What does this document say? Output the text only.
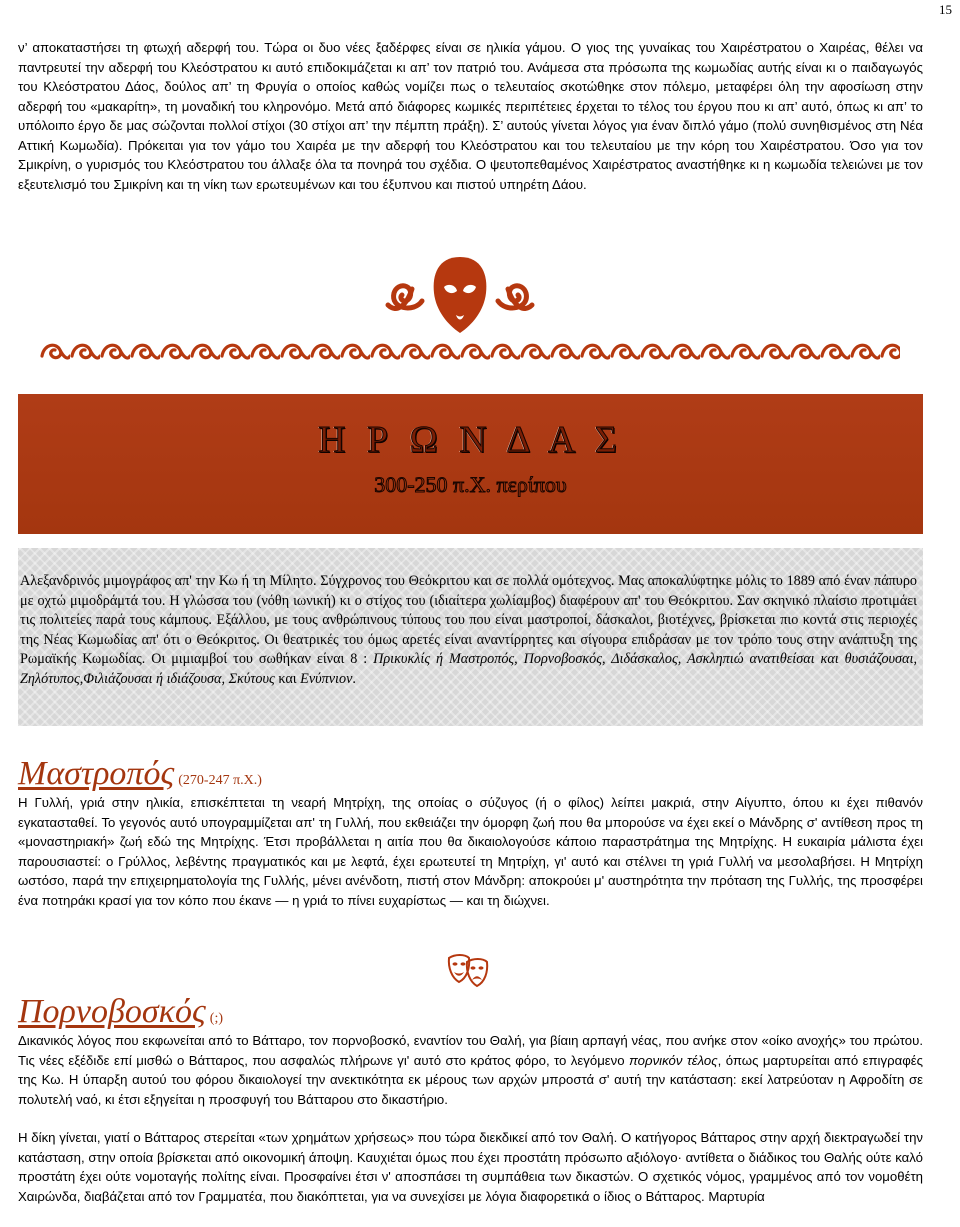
15

ν’ αποκαταστήσει τη φτωχή αδερφή του. Τώρα οι δυο νέες ξαδέρφες είναι σε ηλικία γάμου. Ο γιος της γυναίκας του Χαιρέστρατου ο Χαιρέας, θέλει να παντρευτεί την αδερφή του Κλεόστρατου κι αυτό επιδοκιμάζεται κι απ’ τον πατριό του. Ανάμεσα στα πρόσωπα της κωμωδίας αυτής είναι κι ο παιδαγωγός του Κλεόστρατου Δάος, δούλος απ’ τη Φρυγία ο οποίος καθώς νομίζει πως ο τελευταίος σκοτώθηκε στον πόλεμο, μεταφέρει όλη την αφοσίωση στην αδερφή του «μακαρίτη», τη μοναδική του κληρονόμο. Μετά από διάφορες κωμικές περιπέτειες έρχεται το τέλος του έργου που κι απ’ αυτό, όπως κι απ’ το υπόλοιπο έργο δε μας σώζονται πολλοί στίχοι (30 στίχοι απ’ την πέμπτη πράξη). Σ’ αυτούς γίνεται λόγος για έναν διπλό γάμο (πολύ συνηθισμένος στη Νέα Αττική Κωμωδία). Πρόκειται για τον γάμο του Χαιρέα με την αδερφή του Κλεόστρατου και του τελευταίου με την κόρη του Χαιρέστρατου. Όσο για τον Σμικρίνη, ο γυρισμός του Κλεόστρατου του άλλαξε όλα τα πονηρά του σχέδια. Ο ψευτοπεθαμένος Χαιρέστρατος αναστήθηκε κι η κωμωδία τελειώνει με τον εξευτελισμό του Σμικρίνη και τη νίκη των ερωτευμένων και του έξυπνου και πιστού υπηρέτη Δάου.

Η Ρ Ω Ν Δ Α Σ
300-250 π.Χ. περίπου
Αλεξανδρινός μιμογράφος απ' την Κω ή τη Μίλητο. Σύγχρονος του Θεόκριτου και σε πολλά ομότεχνος. Μας αποκαλύφτηκε μόλις το 1889 από έναν πάπυρο με οχτώ μιμοδράμτά του. Η γλώσσα του (νόθη ιωνική) κι ο στίχος του (ιδιαίτερα χωλίαμβος) διαφέρουν απ' του Θεόκριτου. Σαν σκηνικό πλαίσιο προτιμάει τις πολιτείες παρά τους κάμπους. Εξάλλου, με τους ανθρώπινους τύπους του που είναι μαστροποί, δάσκαλοι, βιοτέχνες, βρίσκεται πιο κοντά στις περιοχές της Νέας Κωμωδίας απ' ότι ο Θεόκριτος. Οι θεατρικές του όμως αρετές είναι αναντίρρητες και σίγουρα επιδράσαν με τον τρόπο τους στην ανάπτυξη της Ρωμαϊκής Κωμωδίας. Οι μιμιαμβοί του σωθήκαν είναι 8 : Πρικυκλίς ή Μαστροπός, Πορνοβοσκός, Διδάσκαλος, Ασκληπιώ ανατιθείσαι και θυσιάζουσαι, Ζηλότυπος,Φιλιάζουσαι ή ιδιάζουσα, Σκύτους και Ενύπνιον.
Μαστροπός (270-247 π.Χ.)

Η Γυλλή, γριά στην ηλικία, επισκέπτεται τη νεαρή Μητρίχη, της οποίας ο σύζυγος (ή ο φίλος) λείπει μακριά, στην Αίγυπτο, όπου κι έχει πιθανόν εγκατασταθεί. Το γεγονός αυτό υπογραμμίζεται απ' τη Γυλλή, που εκθειάζει την όμορφη ζωή που θα μπορούσε να έχει εκεί ο Μάνδρης σ' αντίθεση προς τη «μοναστηριακή» ζωή εδώ της Μητρίχης. Έτσι προβάλλεται η αιτία που θα δικαιολογούσε κάποιο παραστράτημα της Μητρίχης. Η ευκαιρία μάλιστα έχει παρουσιαστεί: ο Γρύλλος, λεβέντης πραγματικός και με λεφτά, έχει ερωτευτεί τη Μητρίχη, γι' αυτό και στέλνει τη γριά Γυλλή να μεσολαβήσει. Η Μητρίχη ωστόσο, παρά την επιχειρηματολογία της Γυλλής, μένει ανένδοτη, πιστή στον Μάνδρη: αποκρούει μ' αυστηρότητα την πρόταση της Γυλλής, της προσφέρει ένα ποτηράκι κρασί για τον κόπο που έκανε — η γριά το πίνει ευχαρίστως — και τη διώχνει.

Πορνοβοσκός (;)

Δικανικός λόγος που εκφωνείται από το Βάτταρο, τον πορνοβοσκό, εναντίον του Θαλή, για βίαιη αρπαγή νέας, που ανήκε στον «οίκο ανοχής» του πρώτου. Τις νέες εξέδιδε επί μισθώ ο Βάτταρος, που ασφαλώς πλήρωνε γι' αυτό στο κράτος φόρο, το λεγόμενο πορνικόν τέλος, όπως μαρτυρείται από επιγραφές της Κω. Η ύπαρξη αυτού του φόρου δικαιολογεί την ανεκτικότητα εκ μέρους των αρχών μπροστά σ' αυτή την κατάσταση: εκεί λατρεύοταν η Αφροδίτη σε πολυτελή ναό, κι έτσι εξηγείται η προσφυγή του Βάτταρου στο δικαστήριο.

Η δίκη γίνεται, γιατί ο Βάτταρος στερείται «των χρημάτων χρήσεως» που τώρα διεκδικεί από τον Θαλή. Ο κατήγορος Βάτταρος στην αρχή διεκτραγωδεί την κατάσταση, στην οποία βρίσκεται από οικονομική άποψη. Καυχιέται όμως που έχει προστάτη πρόσωπο αξιόλογο· αντίθετα ο διάδικος του Θαλής ούτε καλό προστάτη έχει ούτε νομοταγής πολίτης είναι. Προσφαίνει έτσι ν' αποσπάσει τη συμπάθεια των δικαστών. Ο σχετικός νόμος, γραμμένος από τον νομοθέτη Χαιρώνδα, διαβάζεται από τον Γραμματέα, που διακόπτεται, για να συνεχίσει με λόγια διαφορετικά ο ίδιος ο Βάτταρος. Μαρτυρία
